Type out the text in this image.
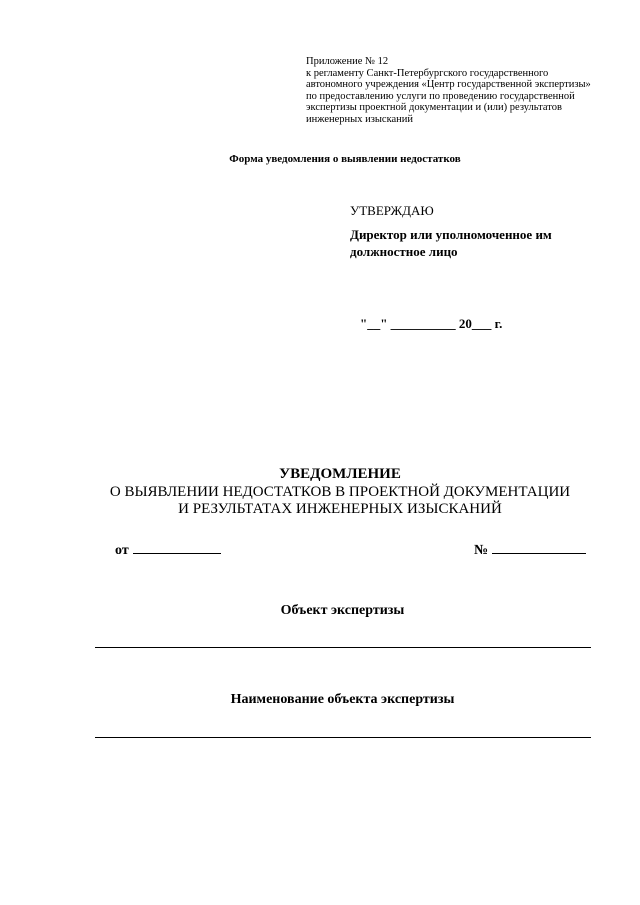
Приложение № 12
к регламенту Санкт-Петербургского государственного
автономного учреждения «Центр государственной экспертизы»
по предоставлению услуги по проведению государственной
экспертизы проектной документации и (или) результатов
инженерных изысканий
Форма уведомления о выявлении недостатков
УТВЕРЖДАЮ
Директор или уполномоченное им
должностное лицо
"__" __________ 20___ г.
УВЕДОМЛЕНИЕ
О ВЫЯВЛЕНИИ НЕДОСТАТКОВ В ПРОЕКТНОЙ ДОКУМЕНТАЦИИ
И РЕЗУЛЬТАТАХ ИНЖЕНЕРНЫХ ИЗЫСКАНИЙ
от	№
Объект экспертизы
Наименование объекта экспертизы
